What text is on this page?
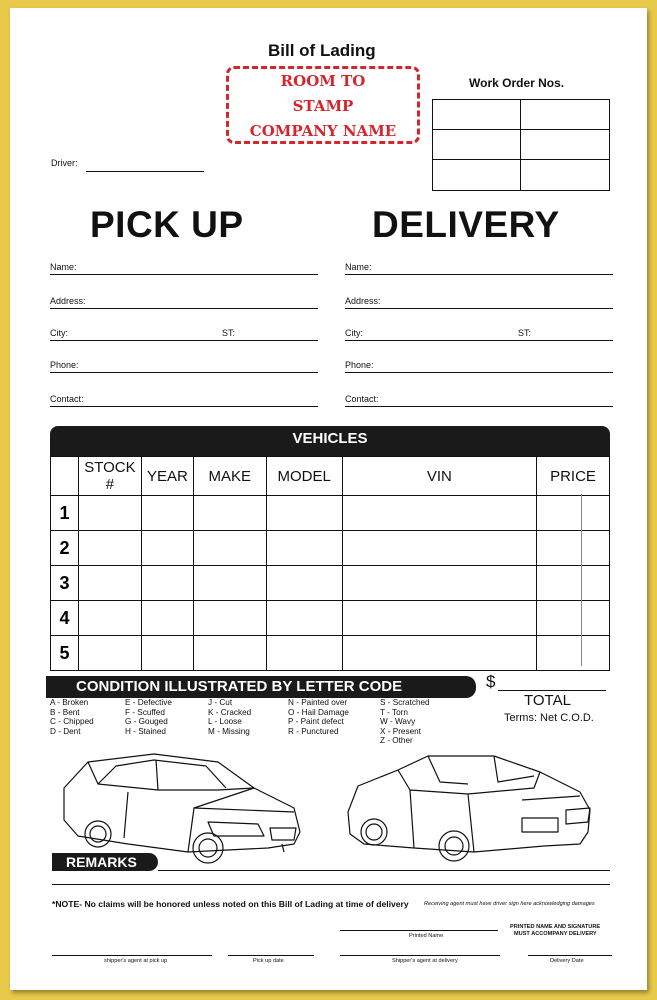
Bill of Lading
ROOM TO
STAMP
COMPANY NAME
Work Order Nos.
Driver:
PICK UP
Name:
Address:
City:	ST:
Phone:
Contact:
DELIVERY
Name:
Address:
City:	ST:
Phone:
Contact:
VEHICLES
	STOCK #	YEAR	MAKE	MODEL	VIN	PRICE
1						
2						
3						
4						
5						
CONDITION ILLUSTRATED BY LETTER CODE
A - Broken
B - Bent
C - Chipped
D - Dent
E - Defective
F - Scuffed
G - Gouged
H - Stained
J - Cut
K - Cracked
L - Loose
M - Missing
N - Painted over
O - Hail Damage
P - Paint defect
R - Punctured
S - Scratched
T - Torn
W - Wavy
X - Present
Z - Other
$
TOTAL
Terms: Net C.O.D.
REMARKS
*NOTE- No claims will be honored unless noted on this Bill of Lading at time of delivery	Receiving agent must have driver sign here acknowledging damages
PRINTED NAME AND SIGNATURE
MUST ACCOMPANY DELIVERY
Printed Name
shipper's agent at pick up	Pick up date	Shipper's agent at delivery	Delivery Date
